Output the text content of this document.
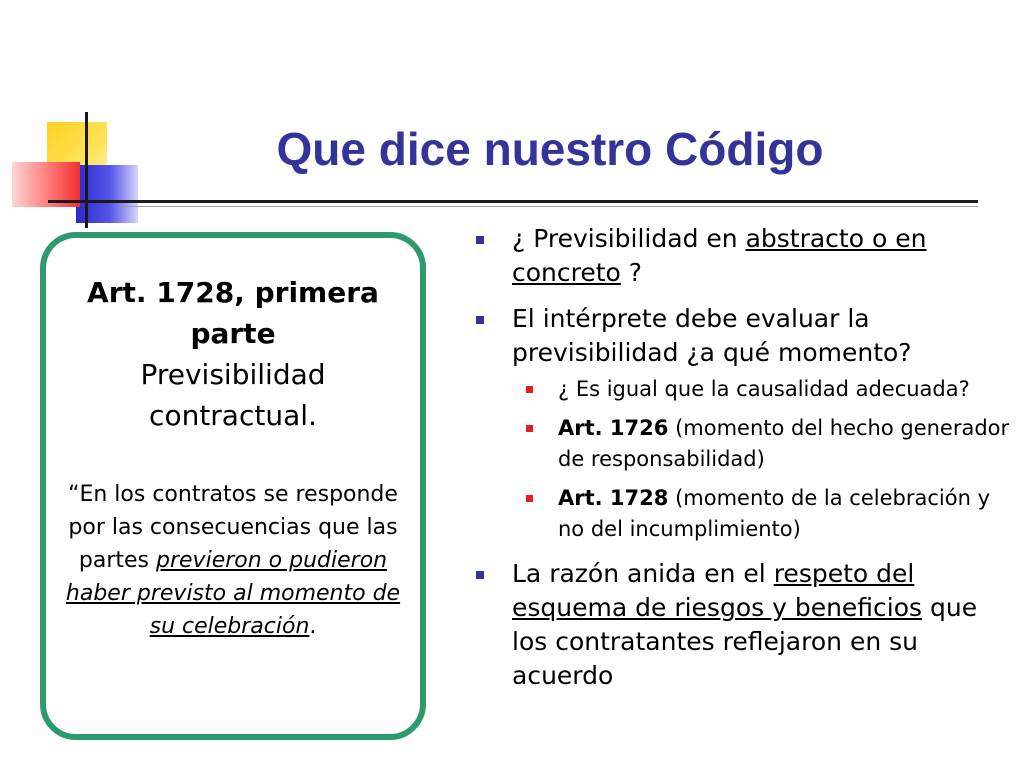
Que dice nuestro Código

Art. 1728, primera parte

Previsibilidad contractual.

“En los contratos se responde por las consecuencias que las partes previeron o pudieron haber previsto al momento de su celebración.

¿ Previsibilidad en abstracto o en concreto ?
El intérprete debe evaluar la previsibilidad ¿a qué momento?
¿ Es igual que la causalidad adecuada?
Art. 1726 (momento del hecho generador de responsabilidad)
Art. 1728 (momento de la celebración y no del incumplimiento)
La razón anida en el respeto del esquema de riesgos y beneficios que los contratantes reflejaron en su acuerdo
